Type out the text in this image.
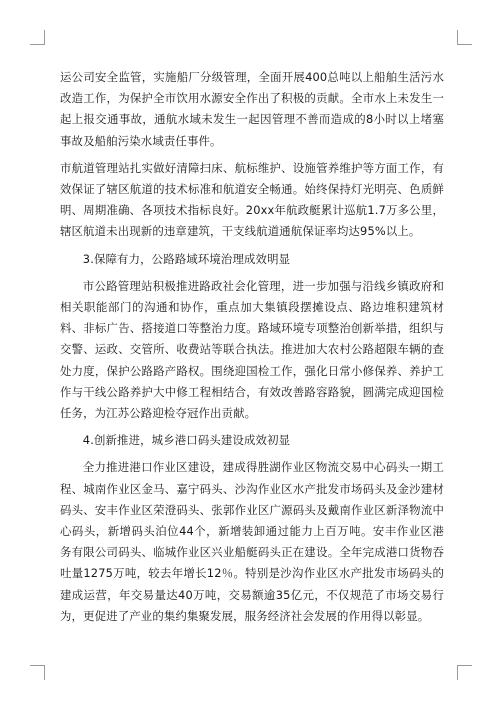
运公司安全监管，实施船厂分级管理，全面开展400总吨以上船舶生活污水改造工作，为保护全市饮用水源安全作出了积极的贡献。全市水上未发生一起上报交通事故，通航水域未发生一起因管理不善而造成的8小时以上堵塞事故及船舶污染水域责任事件。

市航道管理站扎实做好清障扫床、航标维护、设施管养维护等方面工作，有效保证了辖区航道的技术标准和航道安全畅通。始终保持灯光明亮、色质鲜明、周期准确、各项技术指标良好。20xx年航政艇累计巡航1.7万多公里，辖区航道未出现新的违章建筑，干支线航道通航保证率均达95%以上。

3.保障有力，公路路域环境治理成效明显

市公路管理站积极推进路政社会化管理，进一步加强与沿线乡镇政府和相关职能部门的沟通和协作，重点加大集镇段摆摊设点、路边堆积建筑材料、非标广告、搭接道口等整治力度。路域环境专项整治创新举措，组织与交警、运政、交管所、收费站等联合执法。推进加大农村公路超限车辆的查处力度，保护公路路产路权。围绕迎国检工作，强化日常小修保养、养护工作与干线公路养护大中修工程相结合，有效改善路容路貌，圆满完成迎国检任务，为江苏公路迎检夺冠作出贡献。

4.创新推进，城乡港口码头建设成效初显

全力推进港口作业区建设，建成得胜湖作业区物流交易中心码头一期工程、城南作业区金马、嘉宁码头、沙沟作业区水产批发市场码头及金沙建材码头、安丰作业区荣澄码头、张郭作业区广源码头及戴南作业区新泽物流中心码头，新增码头泊位44个，新增装卸通过能力上百万吨。安丰作业区港务有限公司码头、临城作业区兴业船艇码头正在建设。全年完成港口货物吞吐量1275万吨，较去年增长12％。特别是沙沟作业区水产批发市场码头的建成运营，年交易量达40万吨，交易额逾35亿元，不仅规范了市场交易行为，更促进了产业的集约集聚发展，服务经济社会发展的作用得以彰显。
